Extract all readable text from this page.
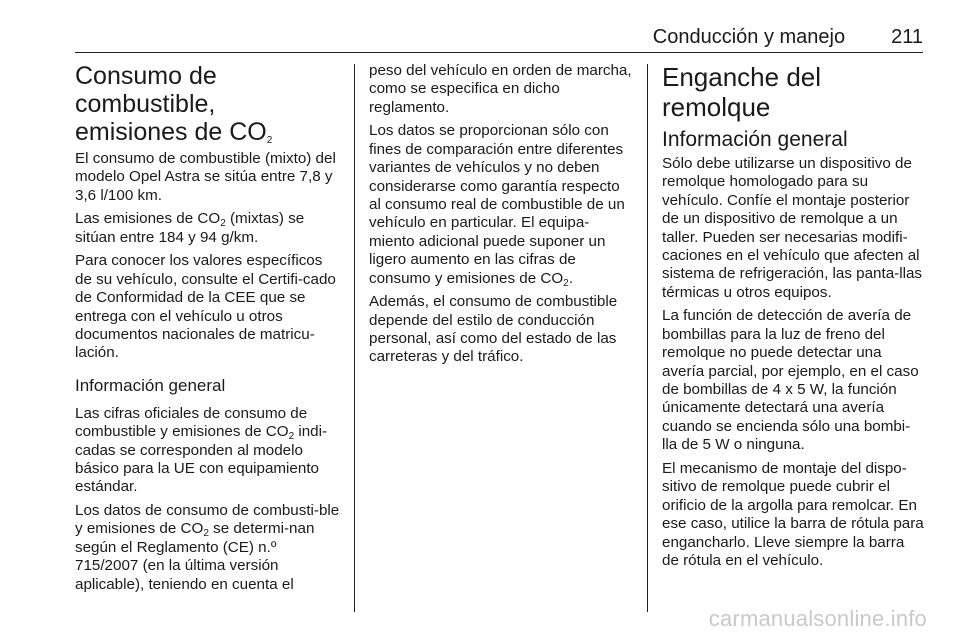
Conducción y manejo 211
Consumo de combustible,
emisiones de $CO_2$

El consumo de combustible (mixto) del modelo Opel Astra se sitúa entre 7,8 y 3,6 l/100 km.

Las emisiones de $CO_2$ (mixtas) se sitúan entre 184 y 94 g/km.

Para conocer los valores específicos de su vehículo, consulte el Certifi‐cado de Conformidad de la CEE que se entrega con el vehículo u otros documentos nacionales de matricu‐lación.

Información general

Las cifras oficiales de consumo de combustible y emisiones de $CO_2$ indi‐cadas se corresponden al modelo básico para la UE con equipamiento estándar.

Los datos de consumo de combusti‐ble y emisiones de $CO_2$ se determi‐nan según el Reglamento (CE) n.º 715/2007 (en la última versión aplicable), teniendo en cuenta el

peso del vehículo en orden de marcha, como se especifica en dicho reglamento.

Los datos se proporcionan sólo con fines de comparación entre diferentes variantes de vehículos y no deben considerarse como garantía respecto al consumo real de combustible de un vehículo en particular. El equipa‐miento adicional puede suponer un ligero aumento en las cifras de consumo y emisiones de $CO_2$.

Además, el consumo de combustible depende del estilo de conducción personal, así como del estado de las carreteras y del tráfico.

Enganche del remolque
Información general

Sólo debe utilizarse un dispositivo de remolque homologado para su vehículo. Confíe el montaje posterior de un dispositivo de remolque a un taller. Pueden ser necesarias modifi‐caciones en el vehículo que afecten al sistema de refrigeración, las panta‐llas térmicas u otros equipos.

La función de detección de avería de bombillas para la luz de freno del remolque no puede detectar una avería parcial, por ejemplo, en el caso de bombillas de 4 x 5 W, la función únicamente detectará una avería cuando se encienda sólo una bombi‐lla de 5 W o ninguna.

El mecanismo de montaje del dispo‐sitivo de remolque puede cubrir el orificio de la argolla para remolcar. En ese caso, utilice la barra de rótula para engancharlo. Lleve siempre la barra de rótula en el vehículo.

carmanualsonline.info
